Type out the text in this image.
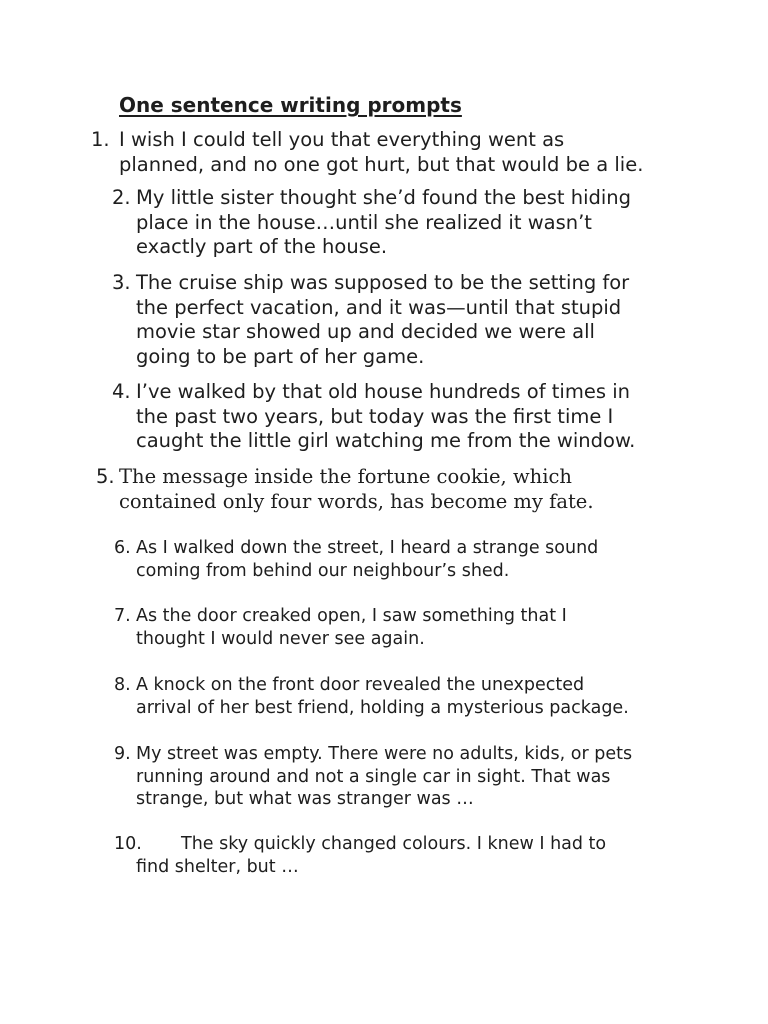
One sentence writing prompts
1. I wish I could tell you that everything went as
planned, and no one got hurt, but that would be a lie.
2. My little sister thought she’d found the best hiding
place in the house…until she realized it wasn’t
exactly part of the house.
3. The cruise ship was supposed to be the setting for
the perfect vacation, and it was—until that stupid
movie star showed up and decided we were all
going to be part of her game.
4. I’ve walked by that old house hundreds of times in
the past two years, but today was the first time I
caught the little girl watching me from the window.
5. The message inside the fortune cookie, which
contained only four words, has become my fate.
6. As I walked down the street, I heard a strange sound
coming from behind our neighbour’s shed.
7. As the door creaked open, I saw something that I
thought I would never see again.
8. A knock on the front door revealed the unexpected
arrival of her best friend, holding a mysterious package.
9. My street was empty. There were no adults, kids, or pets
running around and not a single car in sight. That was
strange, but what was stranger was …
10.	The sky quickly changed colours. I knew I had to
find shelter, but …
